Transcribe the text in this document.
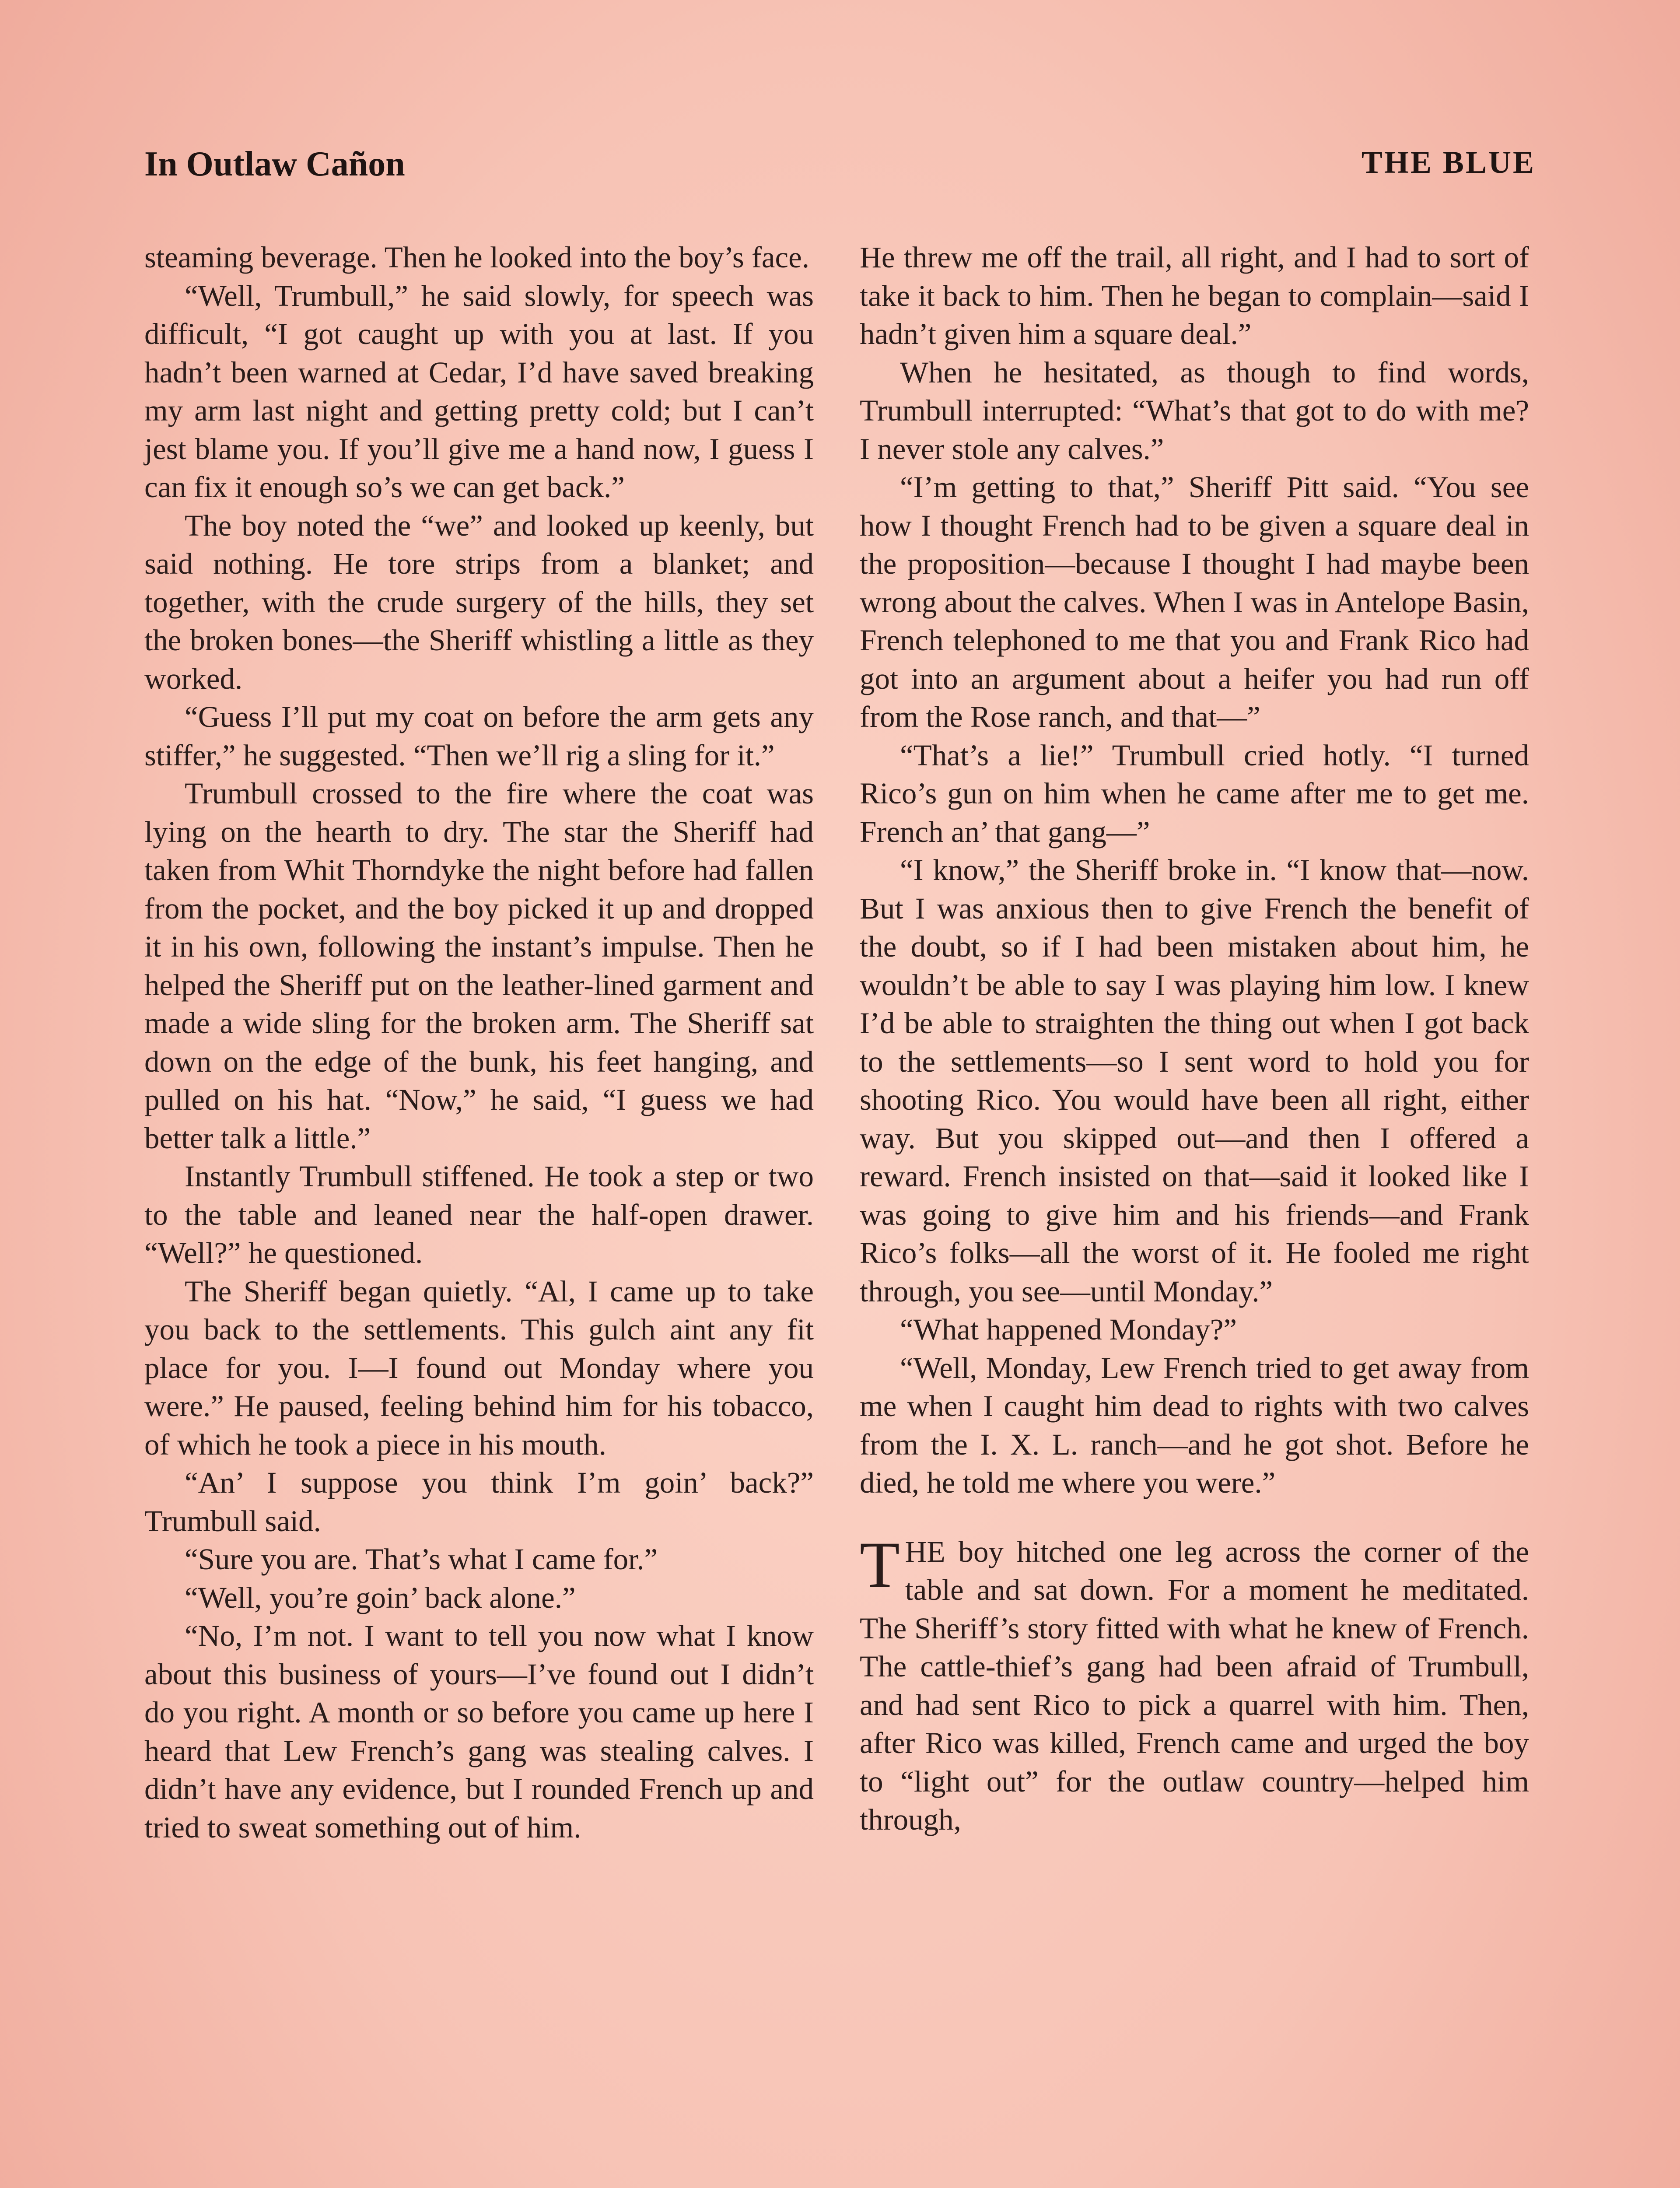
In Outlaw Cañon	THE BLUE

steaming beverage. Then he looked into the boy’s face.

“Well, Trumbull,” he said slowly, for speech was difficult, “I got caught up with you at last. If you hadn’t been warned at Cedar, I’d have saved breaking my arm last night and getting pretty cold; but I can’t jest blame you. If you’ll give me a hand now, I guess I can fix it enough so’s we can get back.”

The boy noted the “we” and looked up keenly, but said nothing. He tore strips from a blanket; and together, with the crude surgery of the hills, they set the broken bones—the Sheriff whistling a little as they worked.

“Guess I’ll put my coat on before the arm gets any stiffer,” he suggested. “Then we’ll rig a sling for it.”

Trumbull crossed to the fire where the coat was lying on the hearth to dry. The star the Sheriff had taken from Whit Thorndyke the night before had fallen from the pocket, and the boy picked it up and dropped it in his own, following the instant’s impulse. Then he helped the Sheriff put on the leather-lined garment and made a wide sling for the broken arm. The Sheriff sat down on the edge of the bunk, his feet hanging, and pulled on his hat. “Now,” he said, “I guess we had better talk a little.”

Instantly Trumbull stiffened. He took a step or two to the table and leaned near the half-open drawer. “Well?” he questioned.

The Sheriff began quietly. “Al, I came up to take you back to the settlements. This gulch aint any fit place for you. I—I found out Monday where you were.” He paused, feeling behind him for his tobacco, of which he took a piece in his mouth.

“An’ I suppose you think I’m goin’ back?” Trumbull said.

“Sure you are. That’s what I came for.”

“Well, you’re goin’ back alone.”

“No, I’m not. I want to tell you now what I know about this business of yours—I’ve found out I didn’t do you right. A month or so before you came up here I heard that Lew French’s gang was stealing calves. I didn’t have any evidence, but I rounded French up and tried to sweat something out of him.

He threw me off the trail, all right, and I had to sort of take it back to him. Then he began to complain—said I hadn’t given him a square deal.”

When he hesitated, as though to find words, Trumbull interrupted: “What’s that got to do with me? I never stole any calves.”

“I’m getting to that,” Sheriff Pitt said. “You see how I thought French had to be given a square deal in the proposition—because I thought I had maybe been wrong about the calves. When I was in Antelope Basin, French telephoned to me that you and Frank Rico had got into an argument about a heifer you had run off from the Rose ranch, and that—”

“That’s a lie!” Trumbull cried hotly. “I turned Rico’s gun on him when he came after me to get me. French an’ that gang—”

“I know,” the Sheriff broke in. “I know that—now. But I was anxious then to give French the benefit of the doubt, so if I had been mistaken about him, he wouldn’t be able to say I was playing him low. I knew I’d be able to straighten the thing out when I got back to the settlements—so I sent word to hold you for shooting Rico. You would have been all right, either way. But you skipped out—and then I offered a reward. French insisted on that—said it looked like I was going to give him and his friends—and Frank Rico’s folks—all the worst of it. He fooled me right through, you see—until Monday.”

“What happened Monday?”

“Well, Monday, Lew French tried to get away from me when I caught him dead to rights with two calves from the I. X. L. ranch—and he got shot. Before he died, he told me where you were.”

T HE boy hitched one leg across the corner of the table and sat down. For a moment he meditated. The Sheriff’s story fitted with what he knew of French. The cattle-thief’s gang had been afraid of Trumbull, and had sent Rico to pick a quarrel with him. Then, after Rico was killed, French came and urged the boy to “light out” for the outlaw country—helped him through,
